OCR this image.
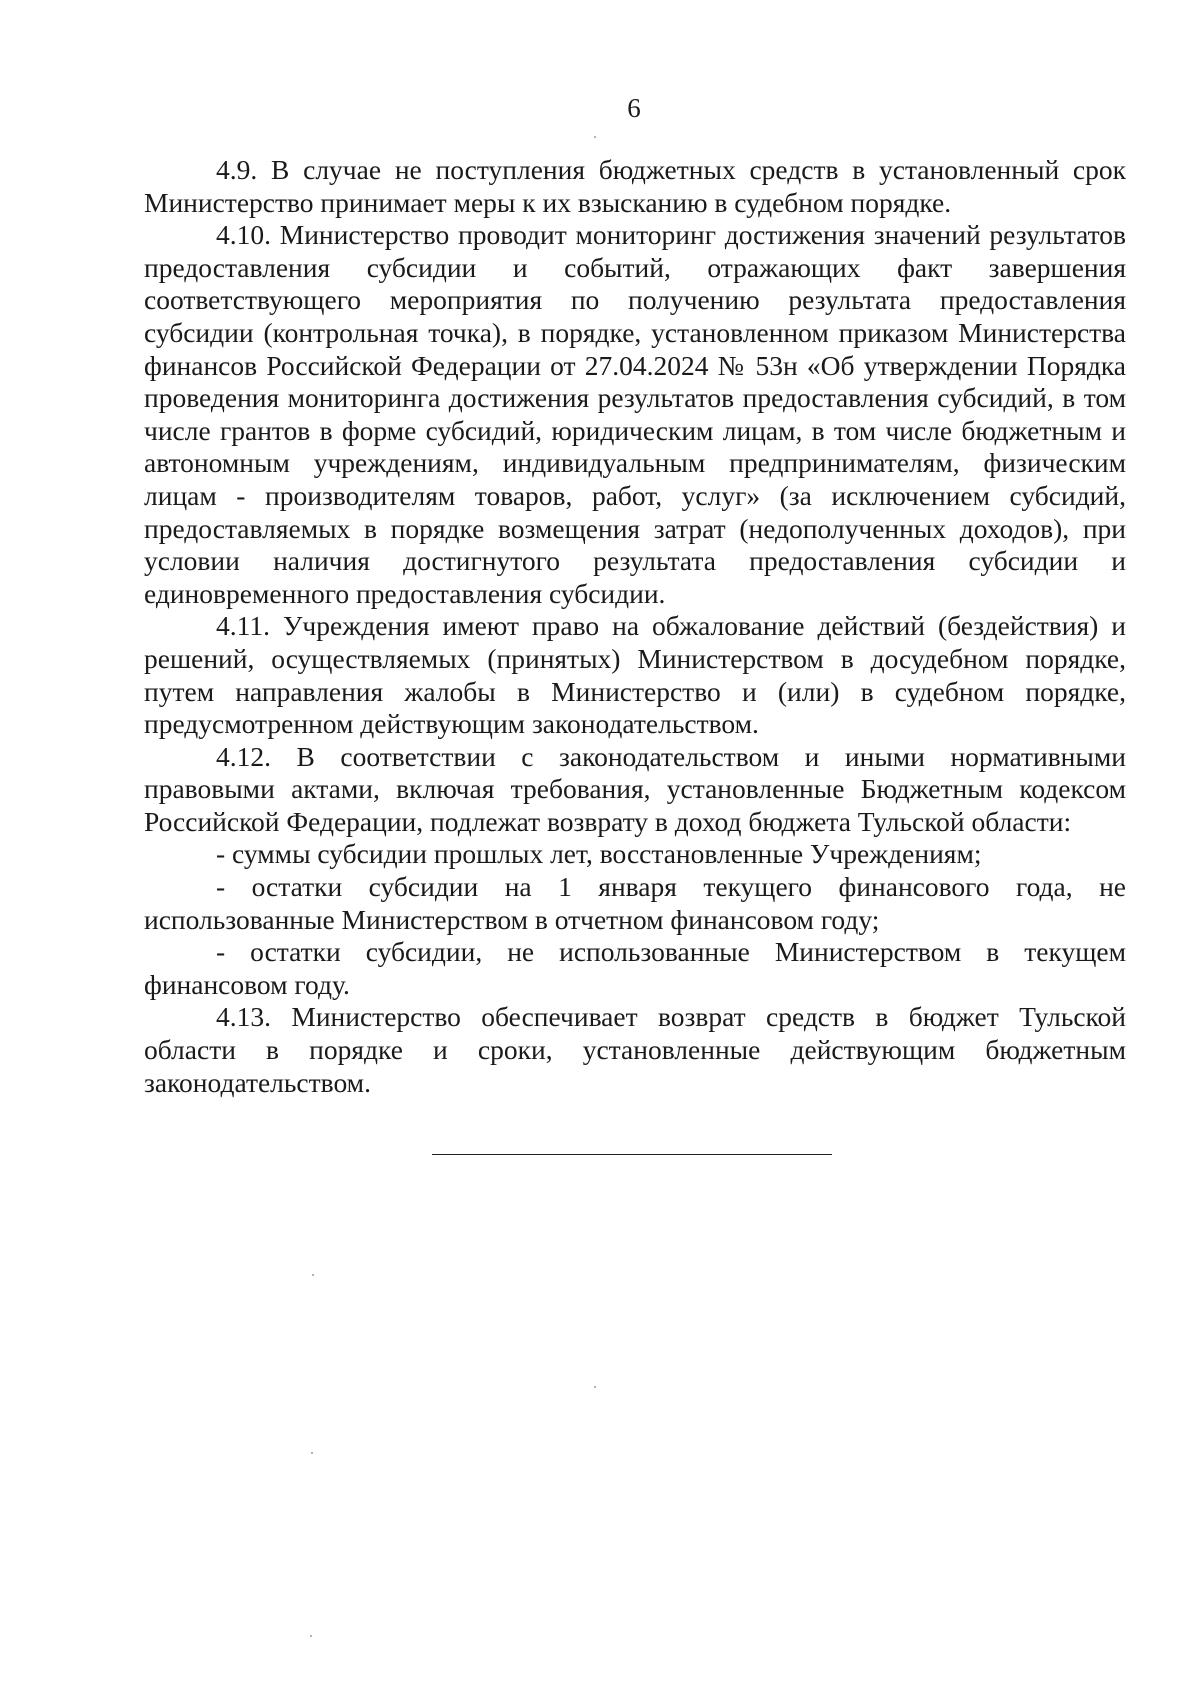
6

4.9. В случае не поступления бюджетных средств в установленный срок Министерство принимает меры к их взысканию в судебном порядке.

4.10. Министерство проводит мониторинг достижения значений результатов предоставления субсидии и событий, отражающих факт завершения соответствующего мероприятия по получению результата предоставления субсидии (контрольная точка), в порядке, установленном приказом Министерства финансов Российской Федерации от 27.04.2024 № 53н «Об утверждении Порядка проведения мониторинга достижения результатов предоставления субсидий, в том числе грантов в форме субсидий, юридическим лицам, в том числе бюджетным и автономным учреждениям, индивидуальным предпринимателям, физическим лицам - производителям товаров, работ, услуг» (за исключением субсидий, предоставляемых в порядке возмещения затрат (недополученных доходов), при условии наличия достигнутого результата предоставления субсидии и единовременного предоставления субсидии.

4.11. Учреждения имеют право на обжалование действий (бездействия) и решений, осуществляемых (принятых) Министерством в досудебном порядке, путем направления жалобы в Министерство и (или) в судебном порядке, предусмотренном действующим законодательством.

4.12. В соответствии с законодательством и иными нормативными правовыми актами, включая требования, установленные Бюджетным кодексом Российской Федерации, подлежат возврату в доход бюджета Тульской области:

- суммы субсидии прошлых лет, восстановленные Учреждениям;

- остатки субсидии на 1 января текущего финансового года, не использованные Министерством в отчетном финансовом году;

- остатки субсидии, не использованные Министерством в текущем финансовом году.

4.13. Министерство обеспечивает возврат средств в бюджет Тульской области в порядке и сроки, установленные действующим бюджетным законодательством.
